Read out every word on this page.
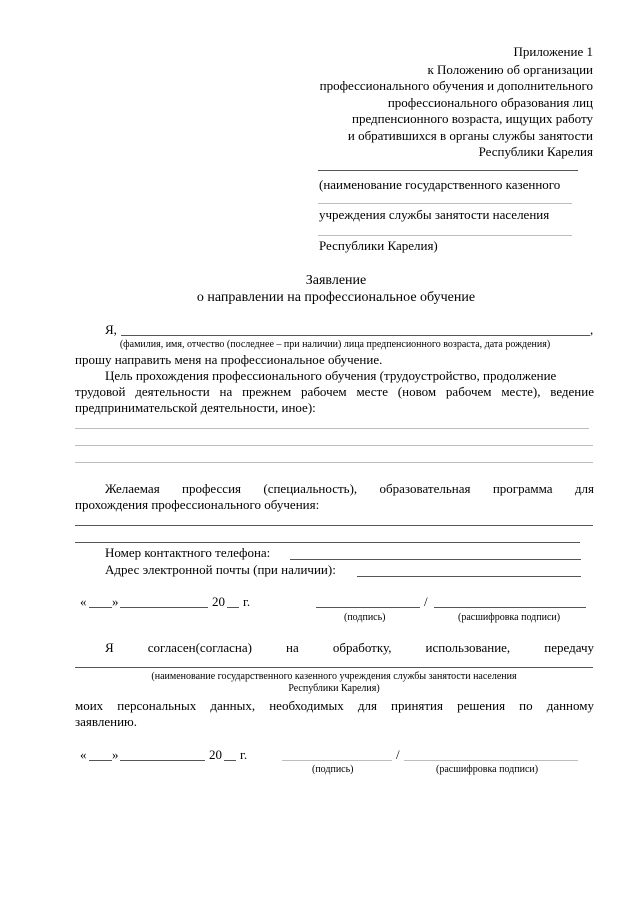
Приложение 1
к Положению об организации
профессионального обучения и дополнительного
профессионального образования лиц
предпенсионного возраста, ищущих работу
и обратившихся в органы службы занятости
Республики Карелия
(наименование государственного казенного
учреждения службы занятости населения
Республики Карелия)
Заявление
о направлении на профессиональное обучение
Я,	,
(фамилия, имя, отчество (последнее – при наличии) лица предпенсионного возраста, дата рождения)
прошу направить меня на профессиональное обучение.
Цель прохождения профессионального обучения (трудоустройство, продолжение
трудовой деятельности на прежнем рабочем месте (новом рабочем месте), ведение
предпринимательской деятельности, иное):
Желаемая профессия (специальность), образовательная программа для
прохождения профессионального обучения:
Номер контактного телефона:
Адрес электронной почты (при наличии):
« »	20 г.	/
(подпись)	(расшифровка подписи)
Я согласен(согласна) на обработку, использование, передачу
(наименование государственного казенного учреждения службы занятости населения
Республики Карелия)
моих персональных данных, необходимых для принятия решения по данному
заявлению.
« »	20 г.	/
(подпись)	(расшифровка подписи)
